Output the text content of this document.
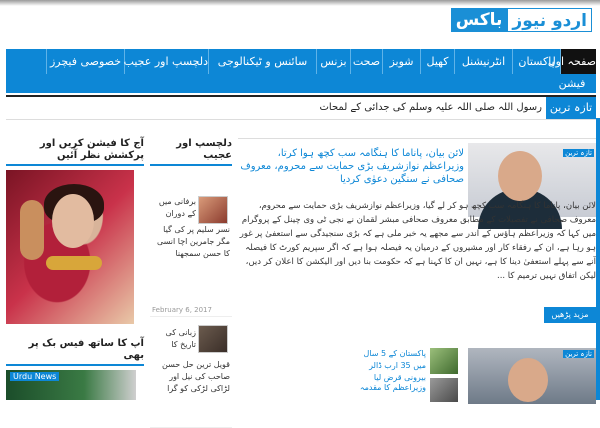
اردو نیوز
باکس
صفحہ اول
پاکستان
انٹرنیشنل
کھیل
شوبز
صحت
بزنس
سائنس و ٹیکنالوجی
دلچسپ اور عجیب
خصوصی فیچرز
فیشن
تازہ ترین
رسول اللہ صلی اللہ علیہ وسلم کی جدائی کے لمحات
آج کا فیشن کریں اور پرکشش نظر آئیں
آپ کا ساتھ فیس بک پر بھی
Urdu News
دلچسپ اور عجیب
برفانی میں کے دوران
نسر سلیم پر کی گیا مگر جامرین اچا انسی کا حسن سمجھنا
February 6, 2017
زبانی کی تاریخ کا
قویل ترین حل حسن صاحب کی نیل اور لڑاکی لڑکی کو گرا
تازہ ترین
لائن بیان، پاناما کا ہنگامہ سب کچھ ہوا کرتا، وزیراعظم نوازشریف بڑی حمایت سے محروم، معروف صحافی نے سنگین دعوٰی کردیا
لائن بیان، پاناما کا ہنگامہ سب کچھ ہو کر لے گیا، وزیراعظم نوازشریف بڑی حمایت سے محروم، معروف صحافی نے تفصیلات کے مطابق معروف صحافی مبشر لقمان نے نجی ٹی وی چینل کے پروگرام میں کہا کہ وزیراعظم ہاؤس کے اندر سے مجھے یہ خبر ملی ہے کہ بڑی سنجیدگی سے استعفیٰ پر غور ہو رہا ہے، ان کے رفقاء کار اور مشیروں کے درمیان یہ فیصلہ ہوا ہے کہ اگر سپریم کورٹ کا فیصلہ آنے سے پہلے استعفیٰ دینا کا ہے، نہیں ان کا کہنا ہے کہ حکومت بنا دیں اور الیکشن کا اعلان کر دیں، لیکن اتفاق نہیں ترمیم کا ...
مزید پڑھیں
تازہ ترین
پاکستان کے 5 سال میں 35 ارب ڈالر بیرونی قرض لیا
وزیراعظم کا مقدمہ
